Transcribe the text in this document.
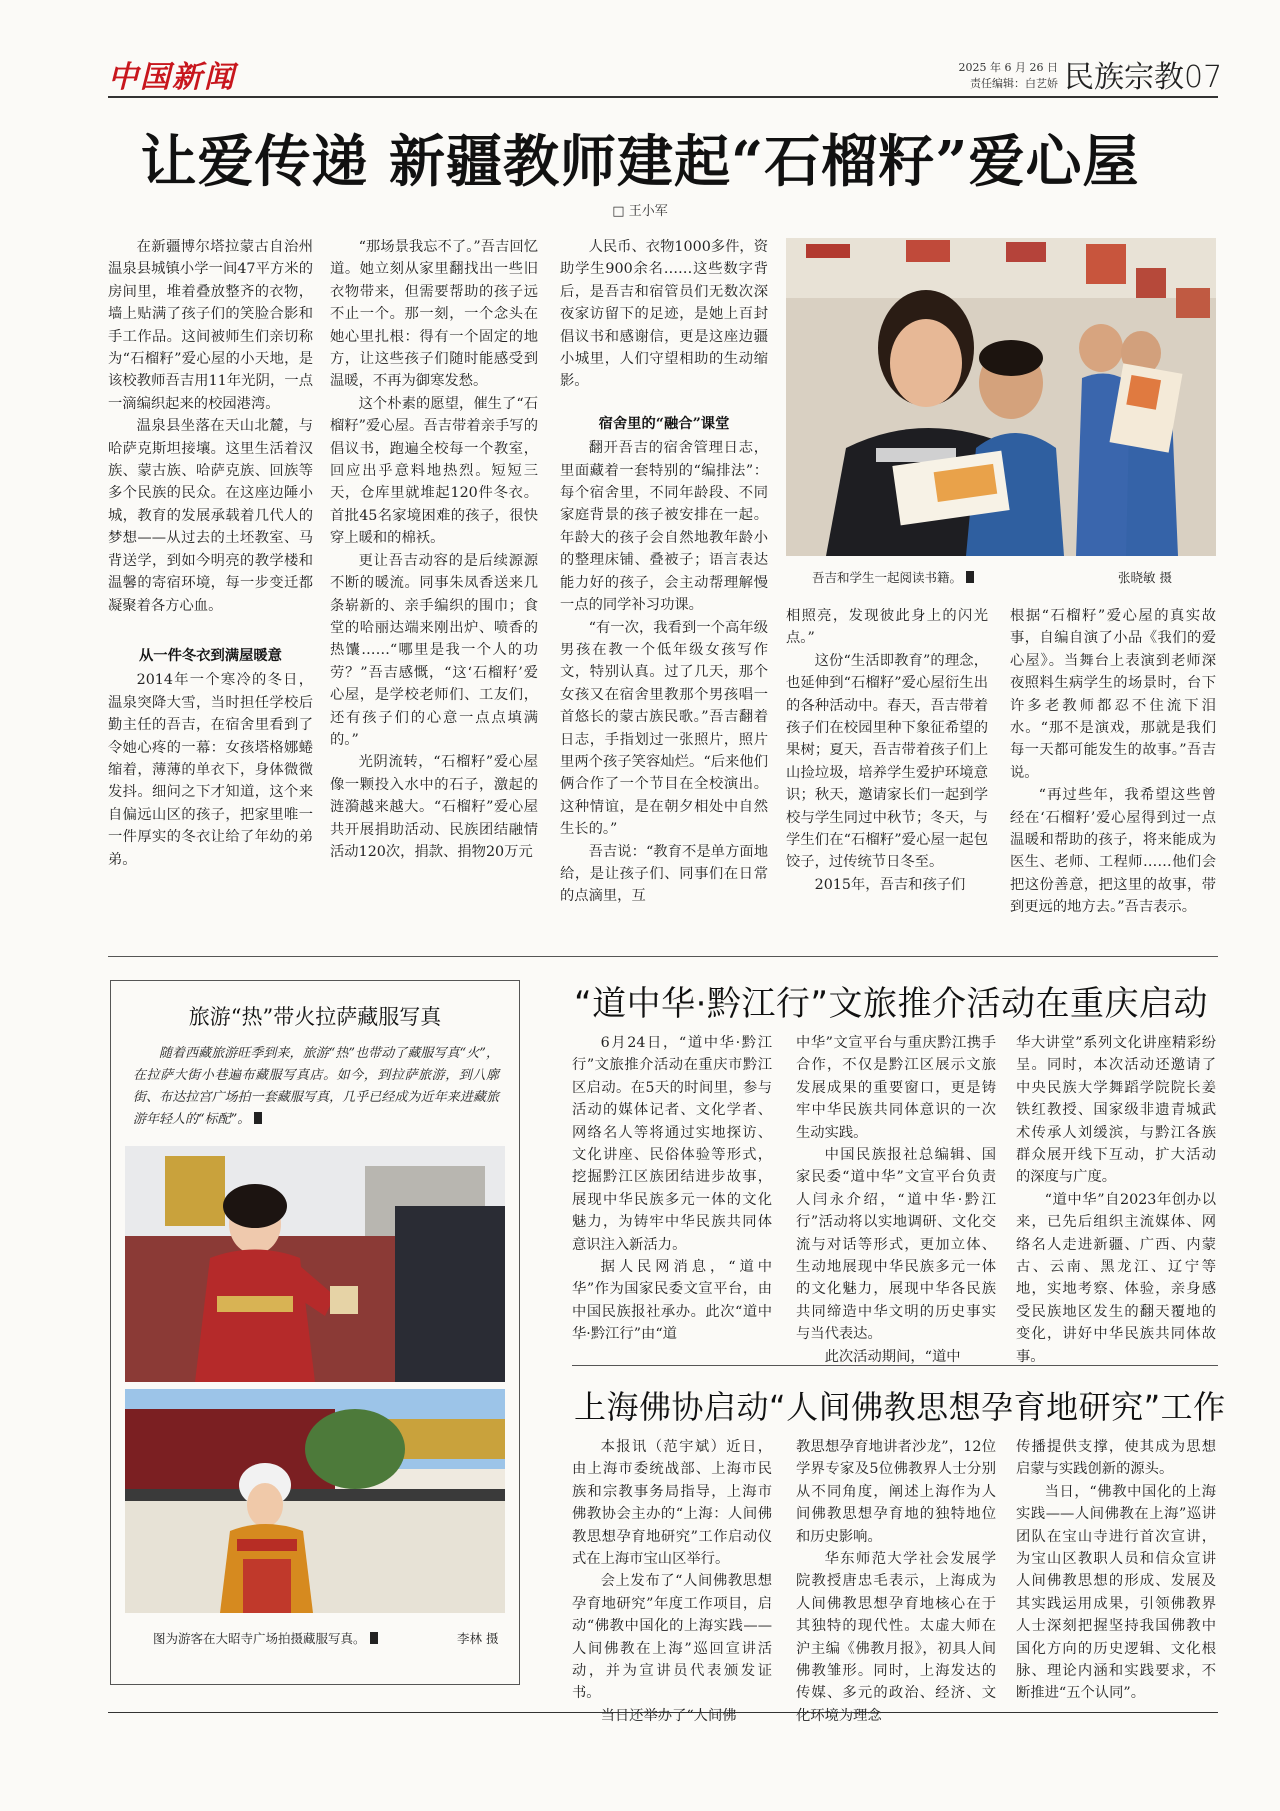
中国新闻	2025 年 6 月 26 日
责任编辑：白艺娇 民族宗教07
让爱传递 新疆教师建起“石榴籽”爱心屋
□ 王小军

在新疆博尔塔拉蒙古自治州温泉县城镇小学一间47平方米的房间里，堆着叠放整齐的衣物，墙上贴满了孩子们的笑脸合影和手工作品。这间被师生们亲切称为“石榴籽”爱心屋的小天地，是该校教师吾吉用11年光阴，一点一滴编织起来的校园港湾。

温泉县坐落在天山北麓，与哈萨克斯坦接壤。这里生活着汉族、蒙古族、哈萨克族、回族等多个民族的民众。在这座边陲小城，教育的发展承载着几代人的梦想——从过去的土坯教室、马背送学，到如今明亮的教学楼和温馨的寄宿环境，每一步变迁都凝聚着各方心血。

从一件冬衣到满屋暖意

2014年一个寒冷的冬日，温泉突降大雪，当时担任学校后勤主任的吾吉，在宿舍里看到了令她心疼的一幕：女孩塔格娜蜷缩着，薄薄的单衣下，身体微微发抖。细问之下才知道，这个来自偏远山区的孩子，把家里唯一一件厚实的冬衣让给了年幼的弟弟。

“那场景我忘不了。”吾吉回忆道。她立刻从家里翻找出一些旧衣物带来，但需要帮助的孩子远不止一个。那一刻，一个念头在她心里扎根：得有一个固定的地方，让这些孩子们随时能感受到温暖，不再为御寒发愁。

这个朴素的愿望，催生了“石榴籽”爱心屋。吾吉带着亲手写的倡议书，跑遍全校每一个教室，回应出乎意料地热烈。短短三天，仓库里就堆起120件冬衣。首批45名家境困难的孩子，很快穿上暖和的棉袄。

更让吾吉动容的是后续源源不断的暖流。同事朱凤香送来几条崭新的、亲手编织的围巾；食堂的哈丽达端来刚出炉、喷香的热馕……“哪里是我一个人的功劳？”吾吉感慨，“这‘石榴籽’爱心屋，是学校老师们、工友们，还有孩子们的心意一点点填满的。”

光阴流转，“石榴籽”爱心屋像一颗投入水中的石子，激起的涟漪越来越大。“石榴籽”爱心屋共开展捐助活动、民族团结融情活动120次，捐款、捐物20万元

人民币、衣物1000多件，资助学生900余名……这些数字背后，是吾吉和宿管员们无数次深夜家访留下的足迹，是她上百封倡议书和感谢信，更是这座边疆小城里，人们守望相助的生动缩影。

宿舍里的“融合”课堂

翻开吾吉的宿舍管理日志，里面藏着一套特别的“编排法”：每个宿舍里，不同年龄段、不同家庭背景的孩子被安排在一起。年龄大的孩子会自然地教年龄小的整理床铺、叠被子；语言表达能力好的孩子，会主动帮理解慢一点的同学补习功课。

“有一次，我看到一个高年级男孩在教一个低年级女孩写作文，特别认真。过了几天，那个女孩又在宿舍里教那个男孩唱一首悠长的蒙古族民歌。”吾吉翻着日志，手指划过一张照片，照片里两个孩子笑容灿烂。“后来他们俩合作了一个节目在全校演出。这种情谊，是在朝夕相处中自然生长的。”

吾吉说：“教育不是单方面地给，是让孩子们、同事们在日常的点滴里，互

吾吉和学生一起阅读书籍。	张晓敏 摄

相照亮，发现彼此身上的闪光点。”

这份“生活即教育”的理念，也延伸到“石榴籽”爱心屋衍生出的各种活动中。春天，吾吉带着孩子们在校园里种下象征希望的果树；夏天，吾吉带着孩子们上山捡垃圾，培养学生爱护环境意识；秋天，邀请家长们一起到学校与学生同过中秋节；冬天，与学生们在“石榴籽”爱心屋一起包饺子，过传统节日冬至。

2015年，吾吉和孩子们

根据“石榴籽”爱心屋的真实故事，自编自演了小品《我们的爱心屋》。当舞台上表演到老师深夜照料生病学生的场景时，台下许多老教师都忍不住流下泪水。“那不是演戏，那就是我们每一天都可能发生的故事。”吾吉说。

“再过些年，我希望这些曾经在‘石榴籽’爱心屋得到过一点温暖和帮助的孩子，将来能成为医生、老师、工程师……他们会把这份善意，把这里的故事，带到更远的地方去。”吾吉表示。

旅游“热”带火拉萨藏服写真
随着西藏旅游旺季到来，旅游“热”也带动了藏服写真“火”，在拉萨大街小巷遍布藏服写真店。如今，到拉萨旅游，到八廓街、布达拉宫广场拍一套藏服写真，几乎已经成为近年来进藏旅游年轻人的“标配”。
图为游客在大昭寺广场拍摄藏服写真。	李林 摄
“道中华·黔江行”文旅推介活动在重庆启动

6月24日，“道中华·黔江行”文旅推介活动在重庆市黔江区启动。在5天的时间里，参与活动的媒体记者、文化学者、网络名人等将通过实地探访、文化讲座、民俗体验等形式，挖掘黔江区族团结进步故事，展现中华民族多元一体的文化魅力，为铸牢中华民族共同体意识注入新活力。

据人民网消息，“道中华”作为国家民委文宣平台，由中国民族报社承办。此次“道中华·黔江行”由“道

中华”文宣平台与重庆黔江携手合作，不仅是黔江区展示文旅发展成果的重要窗口，更是铸牢中华民族共同体意识的一次生动实践。

中国民族报社总编辑、国家民委“道中华”文宣平台负责人闫永介绍，“道中华·黔江行”活动将以实地调研、文化交流与对话等形式，更加立体、生动地展现中华民族多元一体的文化魅力，展现中华各民族共同缔造中华文明的历史事实与当代表达。

此次活动期间，“道中

华大讲堂”系列文化讲座精彩纷呈。同时，本次活动还邀请了中央民族大学舞蹈学院院长姜铁红教授、国家级非遗青城武术传承人刘缓滨，与黔江各族群众展开线下互动，扩大活动的深度与广度。

“道中华”自2023年创办以来，已先后组织主流媒体、网络名人走进新疆、广西、内蒙古、云南、黑龙江、辽宁等地，实地考察、体验，亲身感受民族地区发生的翻天覆地的变化，讲好中华民族共同体故事。

上海佛协启动“人间佛教思想孕育地研究”工作

本报讯（范宇斌）近日，由上海市委统战部、上海市民族和宗教事务局指导，上海市佛教协会主办的“上海：人间佛教思想孕育地研究”工作启动仪式在上海市宝山区举行。

会上发布了“人间佛教思想孕育地研究”年度工作项目，启动“佛教中国化的上海实践——人间佛教在上海”巡回宣讲活动，并为宣讲员代表颁发证书。

当日还举办了“人间佛

教思想孕育地讲者沙龙”，12位学界专家及5位佛教界人士分别从不同角度，阐述上海作为人间佛教思想孕育地的独特地位和历史影响。

华东师范大学社会发展学院教授唐忠毛表示，上海成为人间佛教思想孕育地核心在于其独特的现代性。太虚大师在沪主编《佛教月报》，初具人间佛教雏形。同时，上海发达的传媒、多元的政治、经济、文化环境为理念

传播提供支撑，使其成为思想启蒙与实践创新的源头。

当日，“佛教中国化的上海实践——人间佛教在上海”巡讲团队在宝山寺进行首次宣讲，为宝山区教职人员和信众宣讲人间佛教思想的形成、发展及其实践运用成果，引领佛教界人士深刻把握坚持我国佛教中国化方向的历史逻辑、文化根脉、理论内涵和实践要求，不断推进“五个认同”。
